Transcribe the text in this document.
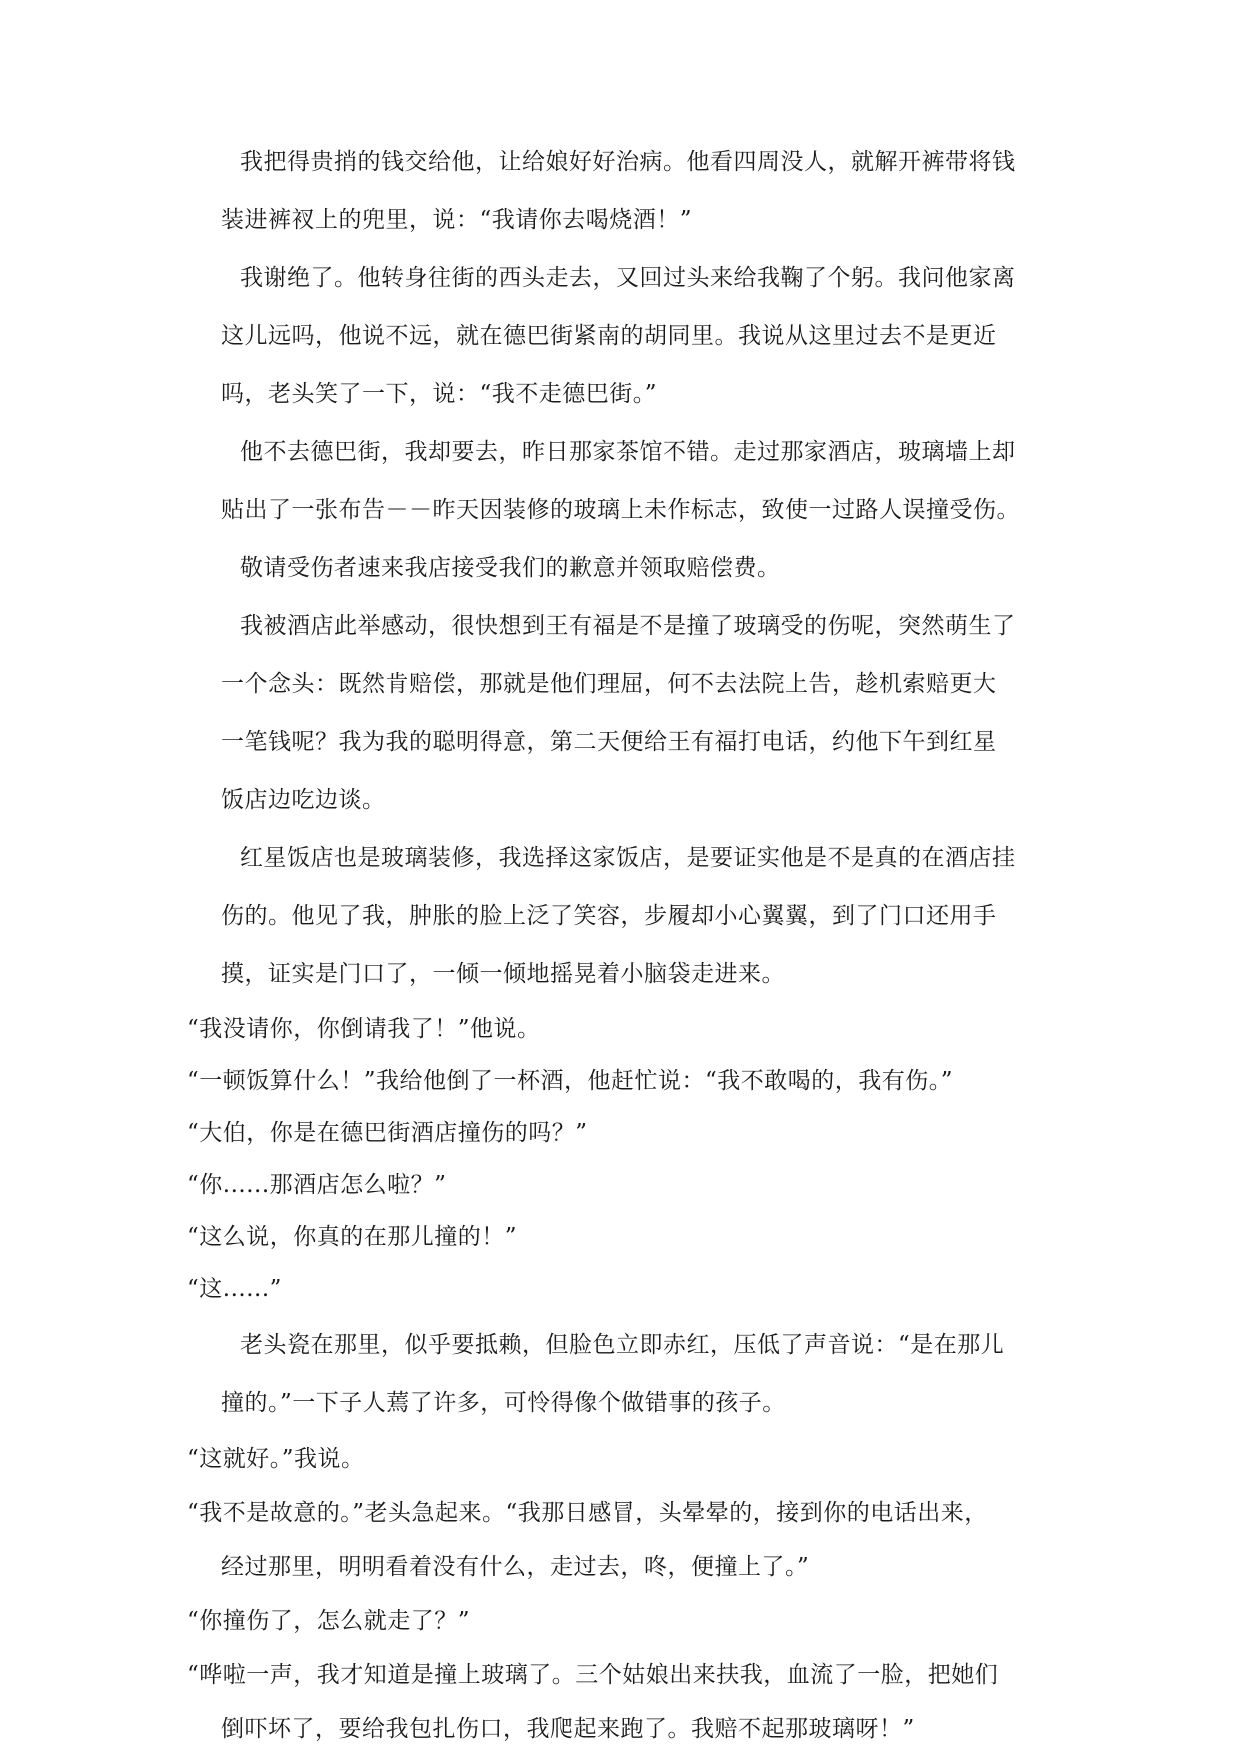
我把得贵捎的钱交给他，让给娘好好治病。他看四周没人，就解开裤带将钱
装进裤衩上的兜里，说：“我请你去喝烧酒！”
我谢绝了。他转身往街的西头走去，又回过头来给我鞠了个躬。我问他家离
这儿远吗，他说不远，就在德巴街紧南的胡同里。我说从这里过去不是更近
吗，老头笑了一下，说：“我不走德巴街。”
他不去德巴街，我却要去，昨日那家茶馆不错。走过那家酒店，玻璃墙上却
贴出了一张布告－－昨天因装修的玻璃上未作标志，致使一过路人误撞受伤。
敬请受伤者速来我店接受我们的歉意并领取赔偿费。
我被酒店此举感动，很快想到王有福是不是撞了玻璃受的伤呢，突然萌生了
一个念头：既然肯赔偿，那就是他们理屈，何不去法院上告，趁机索赔更大
一笔钱呢？我为我的聪明得意，第二天便给王有福打电话，约他下午到红星
饭店边吃边谈。
红星饭店也是玻璃装修，我选择这家饭店，是要证实他是不是真的在酒店挂
伤的。他见了我，肿胀的脸上泛了笑容，步履却小心翼翼，到了门口还用手
摸，证实是门口了，一倾一倾地摇晃着小脑袋走进来。
“我没请你，你倒请我了！”他说。
“一顿饭算什么！”我给他倒了一杯酒，他赶忙说：“我不敢喝的，我有伤。”
“大伯，你是在德巴街酒店撞伤的吗？”
“你......那酒店怎么啦？”
“这么说，你真的在那儿撞的！”
“这......”
老头瓷在那里，似乎要抵赖，但脸色立即赤红，压低了声音说：“是在那儿
撞的。”一下子人蔫了许多，可怜得像个做错事的孩子。
“这就好。”我说。
“我不是故意的。”老头急起来。“我那日感冒，头晕晕的，接到你的电话出来，
经过那里，明明看着没有什么，走过去，咚，便撞上了。”
“你撞伤了，怎么就走了？”
“哗啦一声，我才知道是撞上玻璃了。三个姑娘出来扶我，血流了一脸，把她们
倒吓坏了，要给我包扎伤口，我爬起来跑了。我赔不起那玻璃呀！”
